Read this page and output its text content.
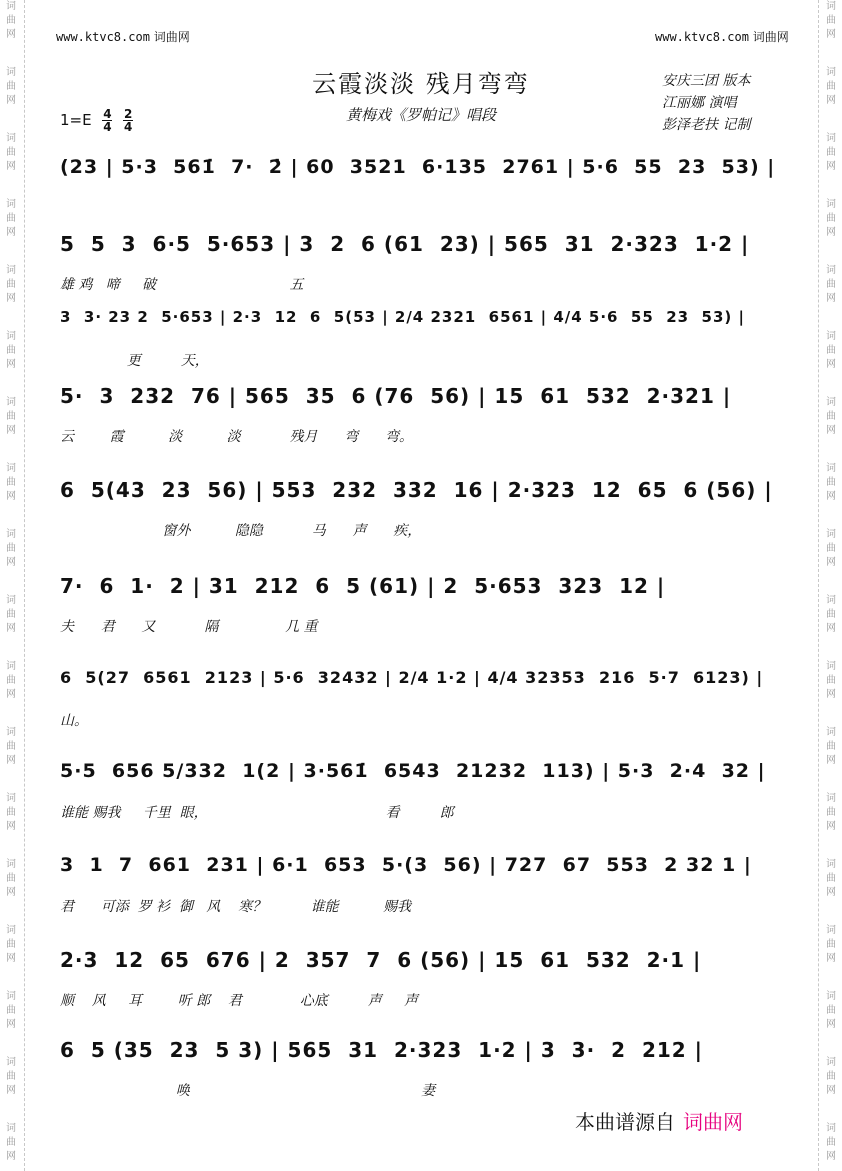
词
曲
网
词
曲
网
词
曲
网
词
曲
网
词
曲
网
词
曲
网
词
曲
网
词
曲
网
词
曲
网
词
曲
网
词
曲
网
词
曲
网
词
曲
网
词
曲
网
词
曲
网
词
曲
网
词
曲
网
词
曲
网
词
曲
网
词
曲
网
词
曲
网
词
曲
网
词
曲
网
词
曲
网
词
曲
网
词
曲
网
词
曲
网
词
曲
网
词
曲
网
词
曲
网
词
曲
网
词
曲
网
词
曲
网
词
曲
网
词
曲
网
词
曲
网
www.ktvc8.com 词曲网	www.ktvc8.com 词曲网
云霞淡淡 残月弯弯
黄梅戏《罗帕记》唱段
安庆三团 版本
江丽娜 演唱
彭泽老扶 记制
$1=E \frac{4}{4}$
$\frac{2}{4}$
(23 | 5·3  561̇  7·  2̇ | 60  3521  6·135  2761 | 5·6  55  23  53) |
5  5  3  6·5  5·653 | 3  2  6 (61  23) | 565  31  2·323  1·2 |
雄 鸡   啼     破                              五
3  3· 23 2  5·653 | 2·3  12  6  5(53 | 2/4 2321  6561 | 4/4 5·6  55  23  53) |
更         天，
5·  3  232  76 | 565  35  6 (76  56) | 15  61  532  2·321 |
云        霞          淡          淡           残月      弯      弯。
6  5(43  23  56) | 553  232  332  16 | 2·323  12  65  6 (56) |
窗外          隐隐           马      声      疾，
7·  6  1·  2 | 31  212  6  5 (61) | 2  5·653  323  12 |
夫      君      又           隔               几 重
6  5(27  6561  2123 | 5·6  32432 | 2/4 1·2 | 4/4 32353  216  5·7  6123) |
山。
5·5  656 5/332  1(2 | 3·561̇  6543  21232  113) | 5·3  2·4  32 |
谁能 赐我     千里  眼，                                        看         郎
3  1  7  661  231 | 6·1  653  5·(3  56) | 727  67  553  2 32 1 |
君      可添  罗 衫  御   风    寒？          谁能          赐我
2·3  12  65  676 | 2  357  7  6 (56) | 15  61  532  2·1 |
顺    风     耳        听 郎    君             心底         声     声
6  5 (35  23  5 3) | 565  31  2·323  1·2 | 3  3·  2  212 |
唤                                                    妻
本曲谱源自 词曲网
